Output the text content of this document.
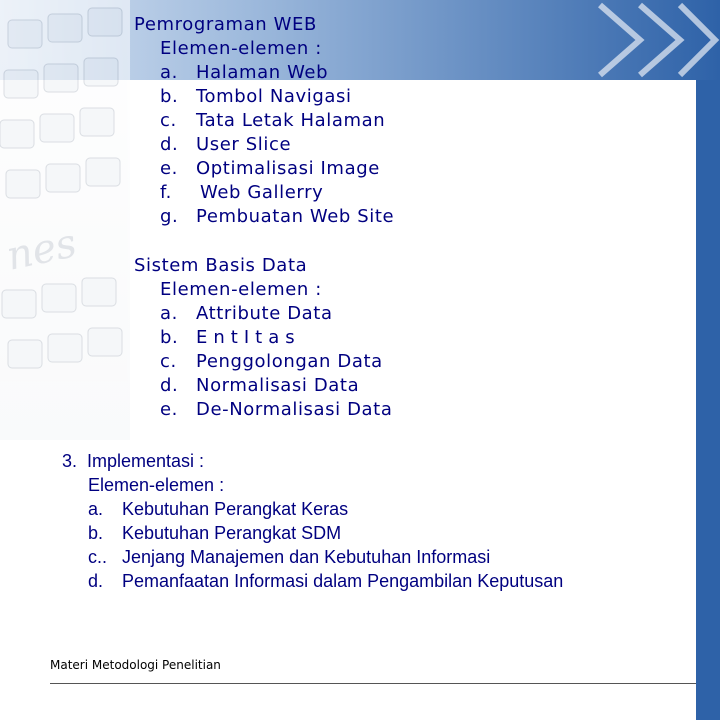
nes
Pemrograman WEB
Elemen-elemen :
a. Halaman Web
b. Tombol Navigasi
c. Tata Letak Halaman
d. User Slice
e. Optimalisasi Image
f. Web Gallerry
g. Pembuatan Web Site
Sistem Basis Data
Elemen-elemen :
a. Attribute Data
b. EntItas
c. Penggolongan Data
d. Normalisasi Data
e. De-Normalisasi Data
3.  Implementasi :
Elemen-elemen :
a. Kebutuhan Perangkat Keras
b. Kebutuhan Perangkat SDM
c.. Jenjang Manajemen dan Kebutuhan Informasi
d. Pemanfaatan Informasi dalam Pengambilan Keputusan
Materi Metodologi Penelitian
